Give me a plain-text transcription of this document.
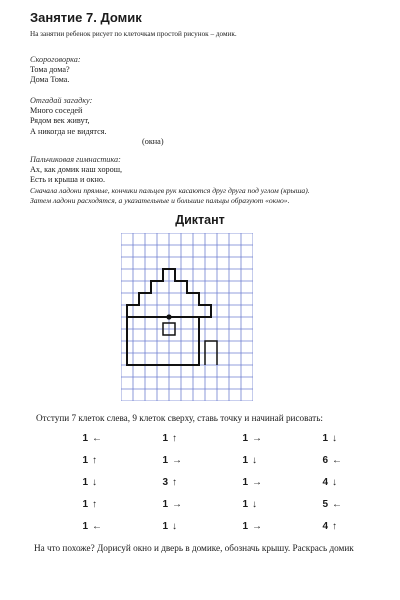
Занятие 7. Домик
На занятии ребенок рисует по клеточкам простой рисунок – домик.
Скороговорка:
Тома дома?
Дома Тома.
Отгадай загадку:
Много соседей
Рядом век живут,
А никогда не видятся.
(окна)
Пальчиковая гимнастика:
Ах, как домик наш хорош,
Есть и крыша и окно.
Сначала ладони прямые, кончики пальцев рук касаются друг друга под углом (крыша).
Затем ладони расходятся, а указательные и большие пальцы образуют «окно».
Диктант
Отступи 7 клеток слева, 9 клеток сверху, ставь точку и начинай рисовать:
1 ←	1 ↑	1 →	1 ↓
1 ↑	1 →	1 ↓	6 ←
1 ↓	3 ↑	1 →	4 ↓
1 ↑	1 →	1 ↓	5 ←
1 ←	1 ↓	1 →	4 ↑
На что похоже? Дорисуй окно и дверь в домике, обозначь крышу. Раскрась домик
